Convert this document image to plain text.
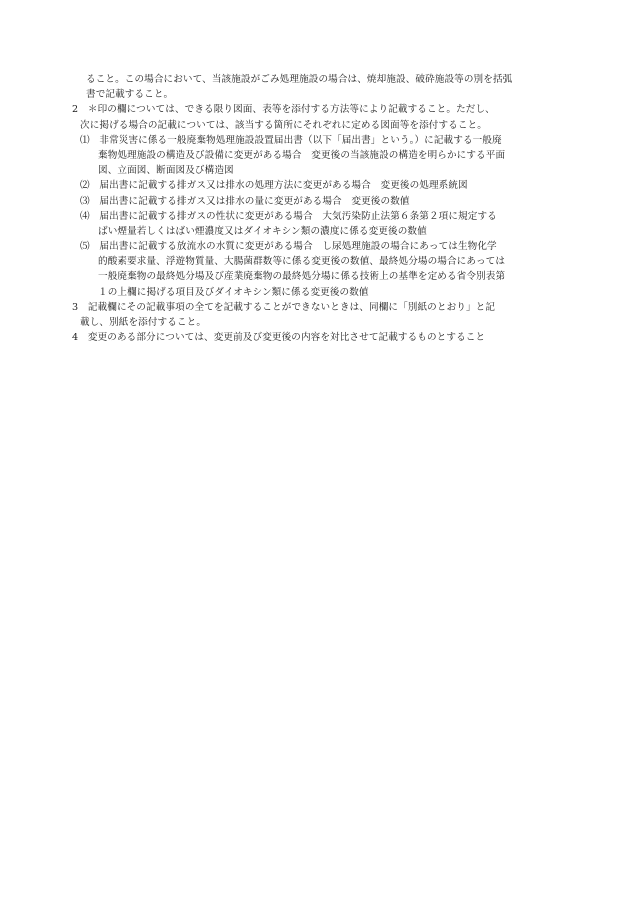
ること。この場合において、当該施設がごみ処理施設の場合は、焼却施設、破砕施設等の別を括弧
書で記載すること。
2　＊印の欄については、できる限り図面、表等を添付する方法等により記載すること。ただし、
次に掲げる場合の記載については、該当する箇所にそれぞれに定める図面等を添付すること。
⑴　非常災害に係る一般廃棄物処理施設設置届出書（以下「届出書」という。）に記載する一般廃
棄物処理施設の構造及び設備に変更がある場合　変更後の当該施設の構造を明らかにする平面
図、立面図、断面図及び構造図
⑵　届出書に記載する排ガス又は排水の処理方法に変更がある場合　変更後の処理系統図
⑶　届出書に記載する排ガス又は排水の量に変更がある場合　変更後の数値
⑷　届出書に記載する排ガスの性状に変更がある場合　大気汚染防止法第６条第２項に規定する
ばい煙量若しくはばい煙濃度又はダイオキシン類の濃度に係る変更後の数値
⑸　届出書に記載する放流水の水質に変更がある場合　し尿処理施設の場合にあっては生物化学
的酸素要求量、浮遊物質量、大腸菌群数等に係る変更後の数値、最終処分場の場合にあっては
一般廃棄物の最終処分場及び産業廃棄物の最終処分場に係る技術上の基準を定める省令別表第
１の上欄に掲げる項目及びダイオキシン類に係る変更後の数値
3　記載欄にその記載事項の全てを記載することができないときは、同欄に「別紙のとおり」と記
載し、別紙を添付すること。
4　変更のある部分については、変更前及び変更後の内容を対比させて記載するものとすること
